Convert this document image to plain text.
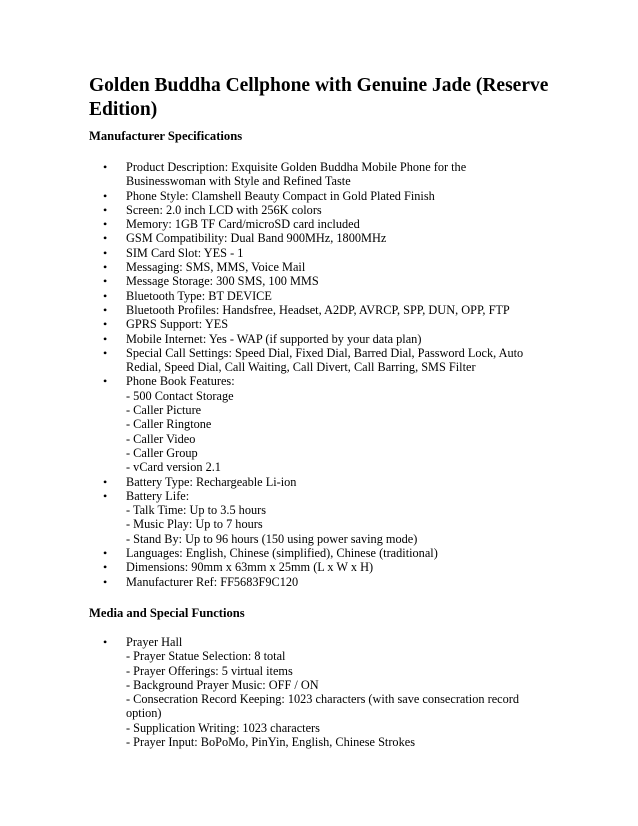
Golden Buddha Cellphone with Genuine Jade (Reserve Edition)
Manufacturer Specifications
•	Product Description: Exquisite Golden Buddha Mobile Phone for the
Businesswoman with Style and Refined Taste
•	Phone Style: Clamshell Beauty Compact in Gold Plated Finish
•	Screen: 2.0 inch LCD with 256K colors
•	Memory: 1GB TF Card/microSD card included
•	GSM Compatibility: Dual Band 900MHz, 1800MHz
•	SIM Card Slot: YES - 1
•	Messaging: SMS, MMS, Voice Mail
•	Message Storage: 300 SMS, 100 MMS
•	Bluetooth Type: BT DEVICE
•	Bluetooth Profiles: Handsfree, Headset, A2DP, AVRCP, SPP, DUN, OPP, FTP
•	GPRS Support: YES
•	Mobile Internet: Yes - WAP (if supported by your data plan)
•	Special Call Settings: Speed Dial, Fixed Dial, Barred Dial, Password Lock, Auto
Redial, Speed Dial, Call Waiting, Call Divert, Call Barring, SMS Filter
•	Phone Book Features:
- 500 Contact Storage
- Caller Picture
- Caller Ringtone
- Caller Video
- Caller Group
- vCard version 2.1
•	Battery Type: Rechargeable Li-ion
•	Battery Life:
- Talk Time: Up to 3.5 hours
- Music Play: Up to 7 hours
- Stand By: Up to 96 hours (150 using power saving mode)
•	Languages: English, Chinese (simplified), Chinese (traditional)
•	Dimensions: 90mm x 63mm x 25mm (L x W x H)
•	Manufacturer Ref: FF5683F9C120
Media and Special Functions
•	Prayer Hall
- Prayer Statue Selection: 8 total
- Prayer Offerings: 5 virtual items
- Background Prayer Music: OFF / ON
- Consecration Record Keeping: 1023 characters (with save consecration record
option)
- Supplication Writing: 1023 characters
- Prayer Input: BoPoMo, PinYin, English, Chinese Strokes
